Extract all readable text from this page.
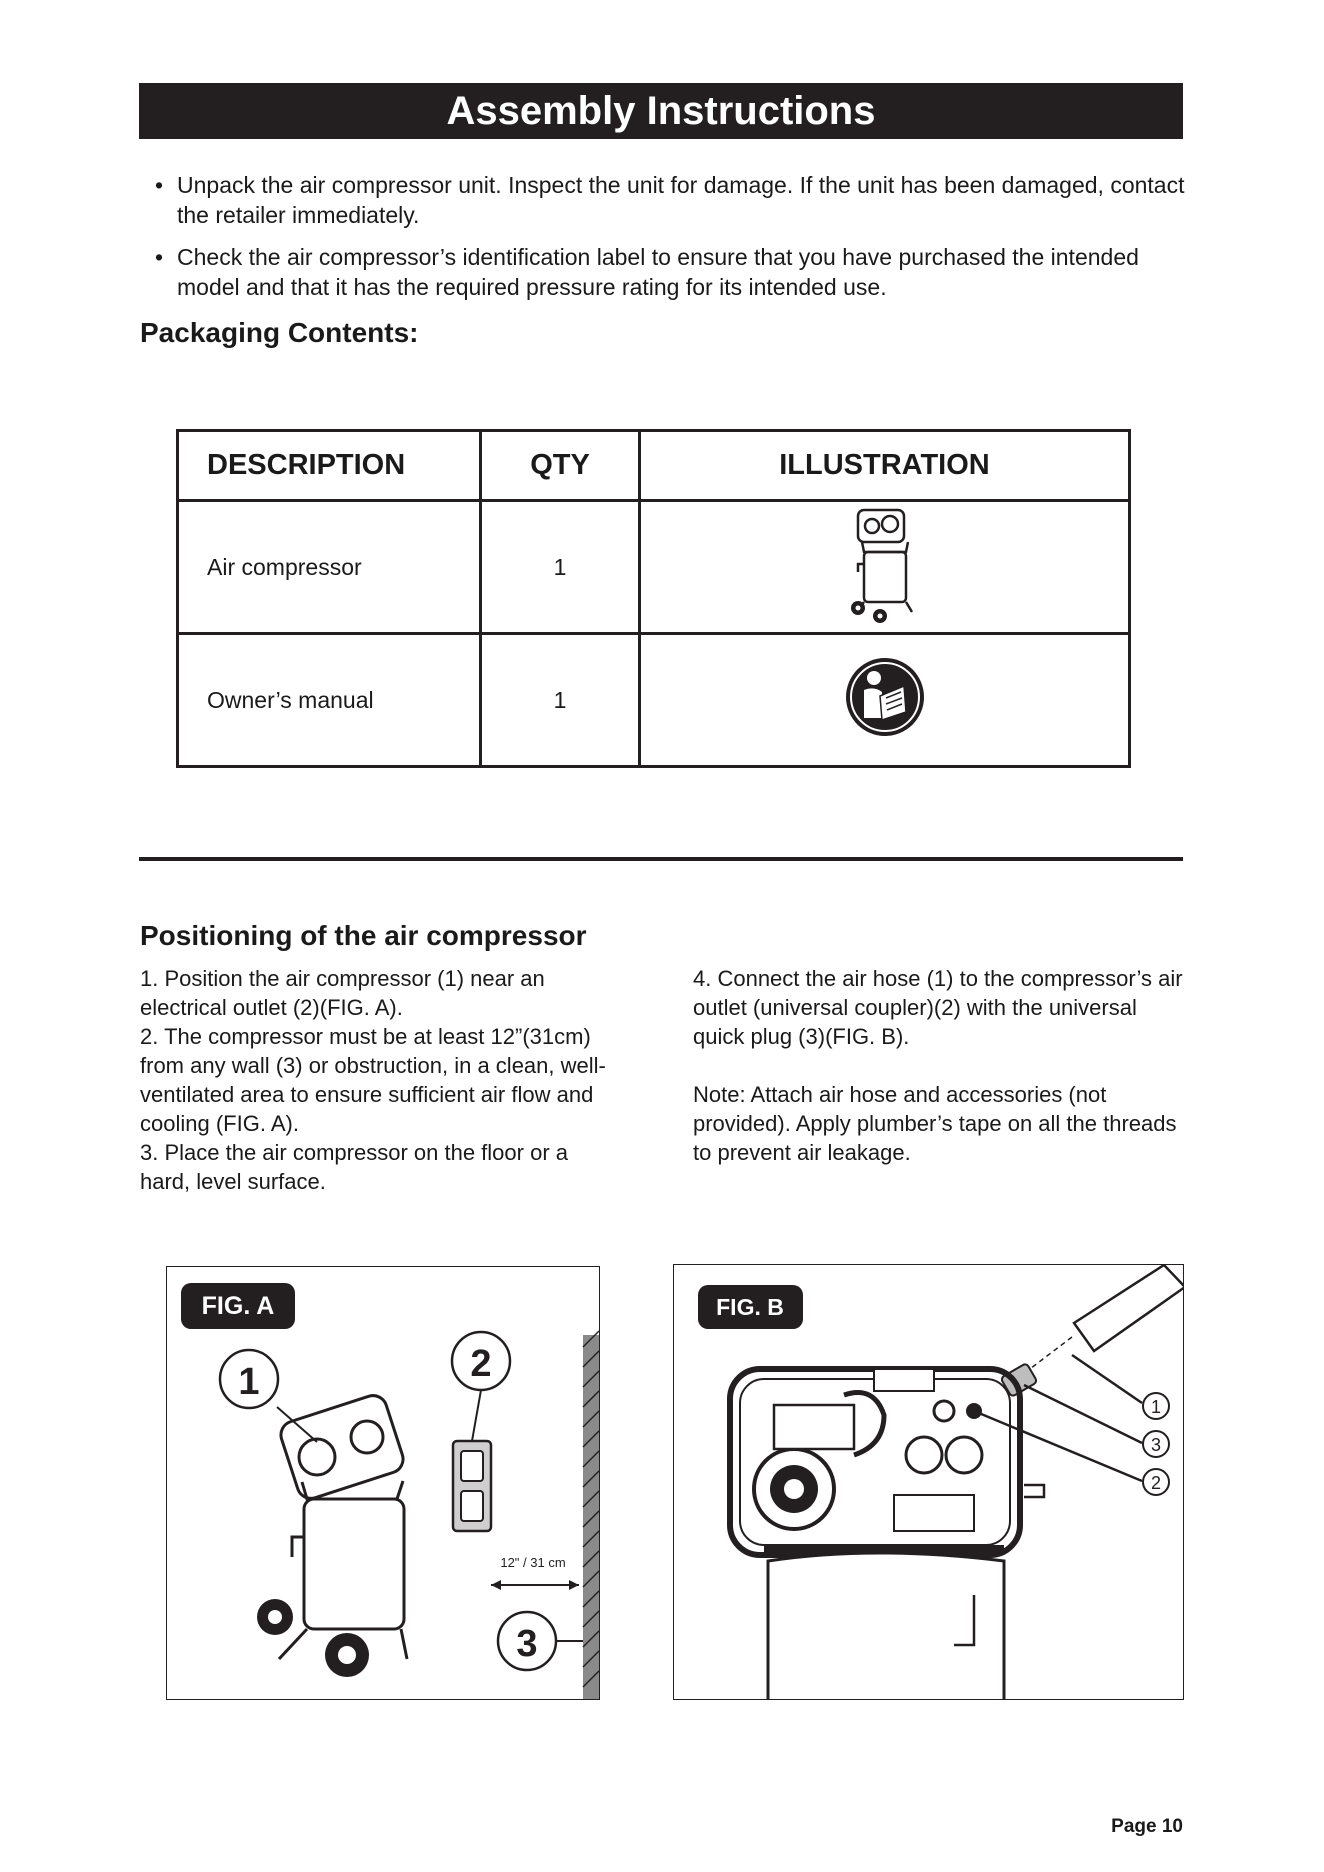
Assembly Instructions
• Unpack the air compressor unit. Inspect the unit for damage. If the unit has been damaged, contact the retailer immediately.
• Check the air compressor’s identification label to ensure that you have purchased the intended model and that it has the required pressure rating for its intended use.
Packaging Contents:
DESCRIPTION	QTY	ILLUSTRATION
Air compressor	1	
Owner’s manual	1	
Positioning of the air compressor

1. Position the air compressor (1) near an electrical outlet (2)(FIG. A).
2. The compressor must be at least 12”(31cm) from any wall (3) or obstruction, in a clean, well-ventilated area to ensure sufficient air flow and cooling (FIG. A).
3. Place the air compressor on the floor or a hard, level surface.

4. Connect the air hose (1) to the compressor’s air outlet (universal coupler)(2) with the universal quick plug (3)(FIG. B).

Note: Attach air hose and accessories (not provided). Apply plumber’s tape on all the threads to prevent air leakage.

FIG. A
1	2
12" / 31 cm
3
FIG. B
1
3
2
Page 10
